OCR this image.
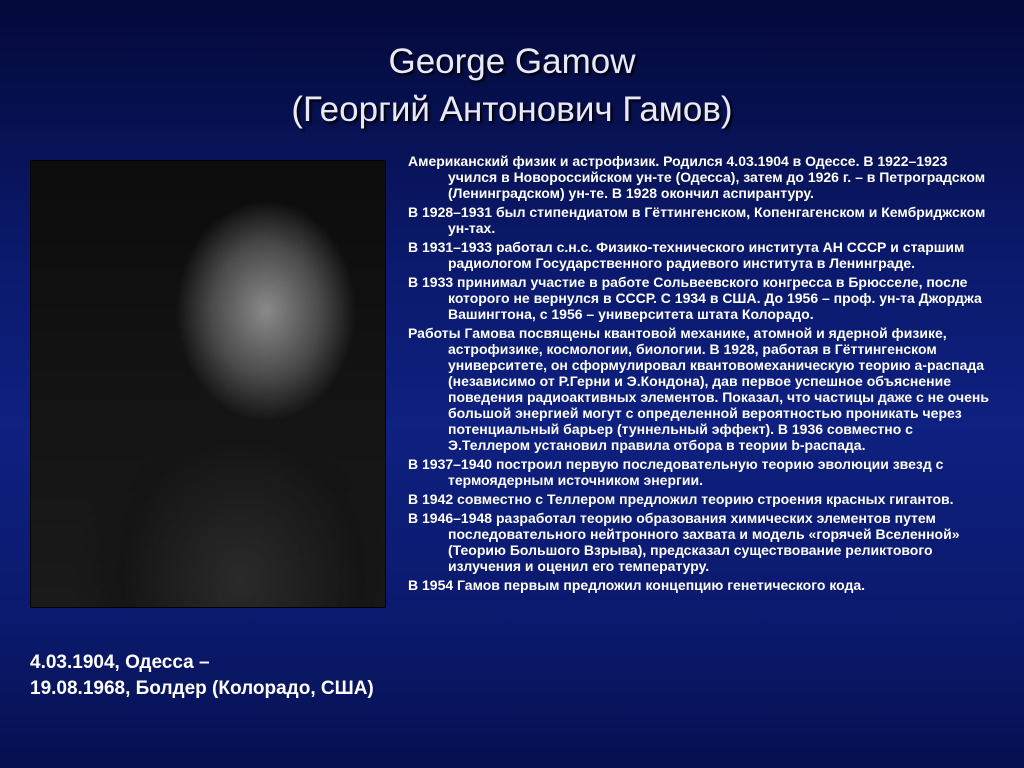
George Gamow
(Георгий Антонович Гамов)
4.03.1904, Одесса –
19.08.1968, Болдер (Колорадо, США)
Американский физик и астрофизик. Родился 4.03.1904 в Одессе. В 1922–1923 учился в Новороссийском ун-те (Одесса), затем до 1926 г. – в Петроградском (Ленинградском) ун-те. В 1928 окончил аспирантуру.
В 1928–1931 был стипендиатом в Гёттингенском, Копенгагенском и Кембриджском ун-тах.
В 1931–1933 работал с.н.с. Физико-технического института АН СССР и старшим радиологом Государственного радиевого института в Ленинграде.
В 1933 принимал участие в работе Сольвеевского конгресса в Брюсселе, после которого не вернулся в СССР. С 1934 в США. До 1956 – проф. ун-та Джорджа Вашингтона, с 1956 – университета штата Колорадо.
Работы Гамова посвящены квантовой механике, атомной и ядерной физике, астрофизике, космологии, биологии. В 1928, работая в Гёттингенском университете, он сформулировал квантовомеханическую теорию a-распада (независимо от Р.Герни и Э.Кондона), дав первое успешное объяснение поведения радиоактивных элементов. Показал, что частицы даже с не очень большой энергией могут с определенной вероятностью проникать через потенциальный барьер (туннельный эффект). В 1936 совместно с Э.Теллером установил правила отбора в теории b-распада.
В 1937–1940 построил первую последовательную теорию эволюции звезд с термоядерным источником энергии.
В 1942 совместно с Теллером предложил теорию строения красных гигантов.
В 1946–1948 разработал теорию образования химических элементов путем последовательного нейтронного захвата и модель «горячей Вселенной» (Теорию Большого Взрыва), предсказал существование реликтового излучения и оценил его температуру.
В 1954 Гамов первым предложил концепцию генетического кода.
